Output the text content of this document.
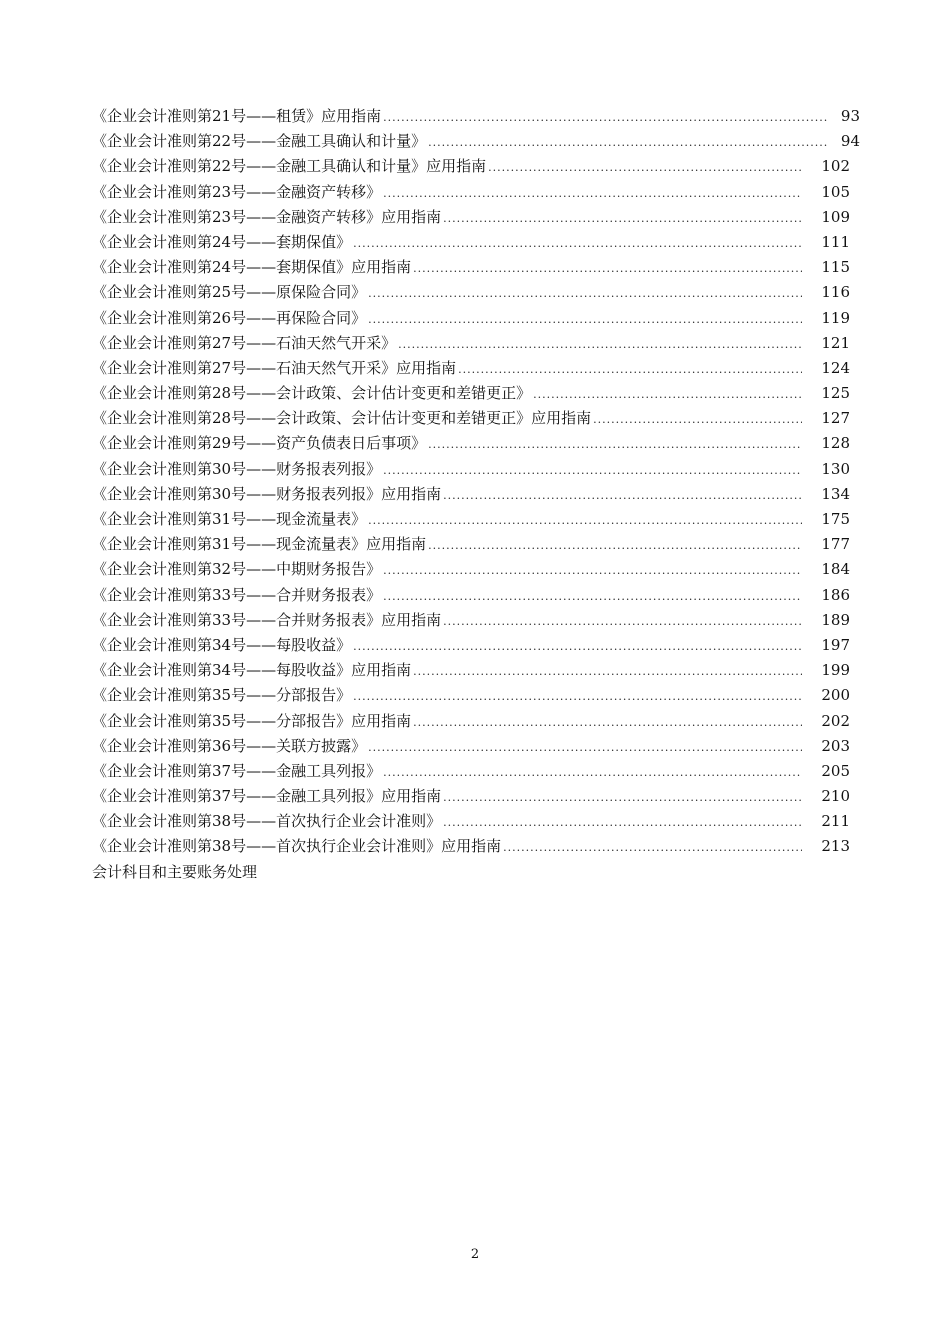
《企业会计准则第21号——租赁》应用指南 .....	93
《企业会计准则第22号——金融工具确认和计量》 .....	94
《企业会计准则第22号——金融工具确认和计量》应用指南 .....	102
《企业会计准则第23号——金融资产转移》 .....	105
《企业会计准则第23号——金融资产转移》应用指南 .....	109
《企业会计准则第24号——套期保值》 .....	111
《企业会计准则第24号——套期保值》应用指南 .....	115
《企业会计准则第25号——原保险合同》 .....	116
《企业会计准则第26号——再保险合同》 .....	119
《企业会计准则第27号——石油天然气开采》 .....	121
《企业会计准则第27号——石油天然气开采》应用指南 .....	124
《企业会计准则第28号——会计政策、会计估计变更和差错更正》 .....	125
《企业会计准则第28号——会计政策、会计估计变更和差错更正》应用指南 .....	127
《企业会计准则第29号——资产负债表日后事项》 .....	128
《企业会计准则第30号——财务报表列报》 .....	130
《企业会计准则第30号——财务报表列报》应用指南 .....	134
《企业会计准则第31号——现金流量表》 .....	175
《企业会计准则第31号——现金流量表》应用指南 .....	177
《企业会计准则第32号——中期财务报告》 .....	184
《企业会计准则第33号——合并财务报表》 .....	186
《企业会计准则第33号——合并财务报表》应用指南 .....	189
《企业会计准则第34号——每股收益》 .....	197
《企业会计准则第34号——每股收益》应用指南 .....	199
《企业会计准则第35号——分部报告》 .....	200
《企业会计准则第35号——分部报告》应用指南 .....	202
《企业会计准则第36号——关联方披露》 .....	203
《企业会计准则第37号——金融工具列报》 .....	205
《企业会计准则第37号——金融工具列报》应用指南 .....	210
《企业会计准则第38号——首次执行企业会计准则》 .....	211
《企业会计准则第38号——首次执行企业会计准则》应用指南 .....	213
会计科目和主要账务处理
2
